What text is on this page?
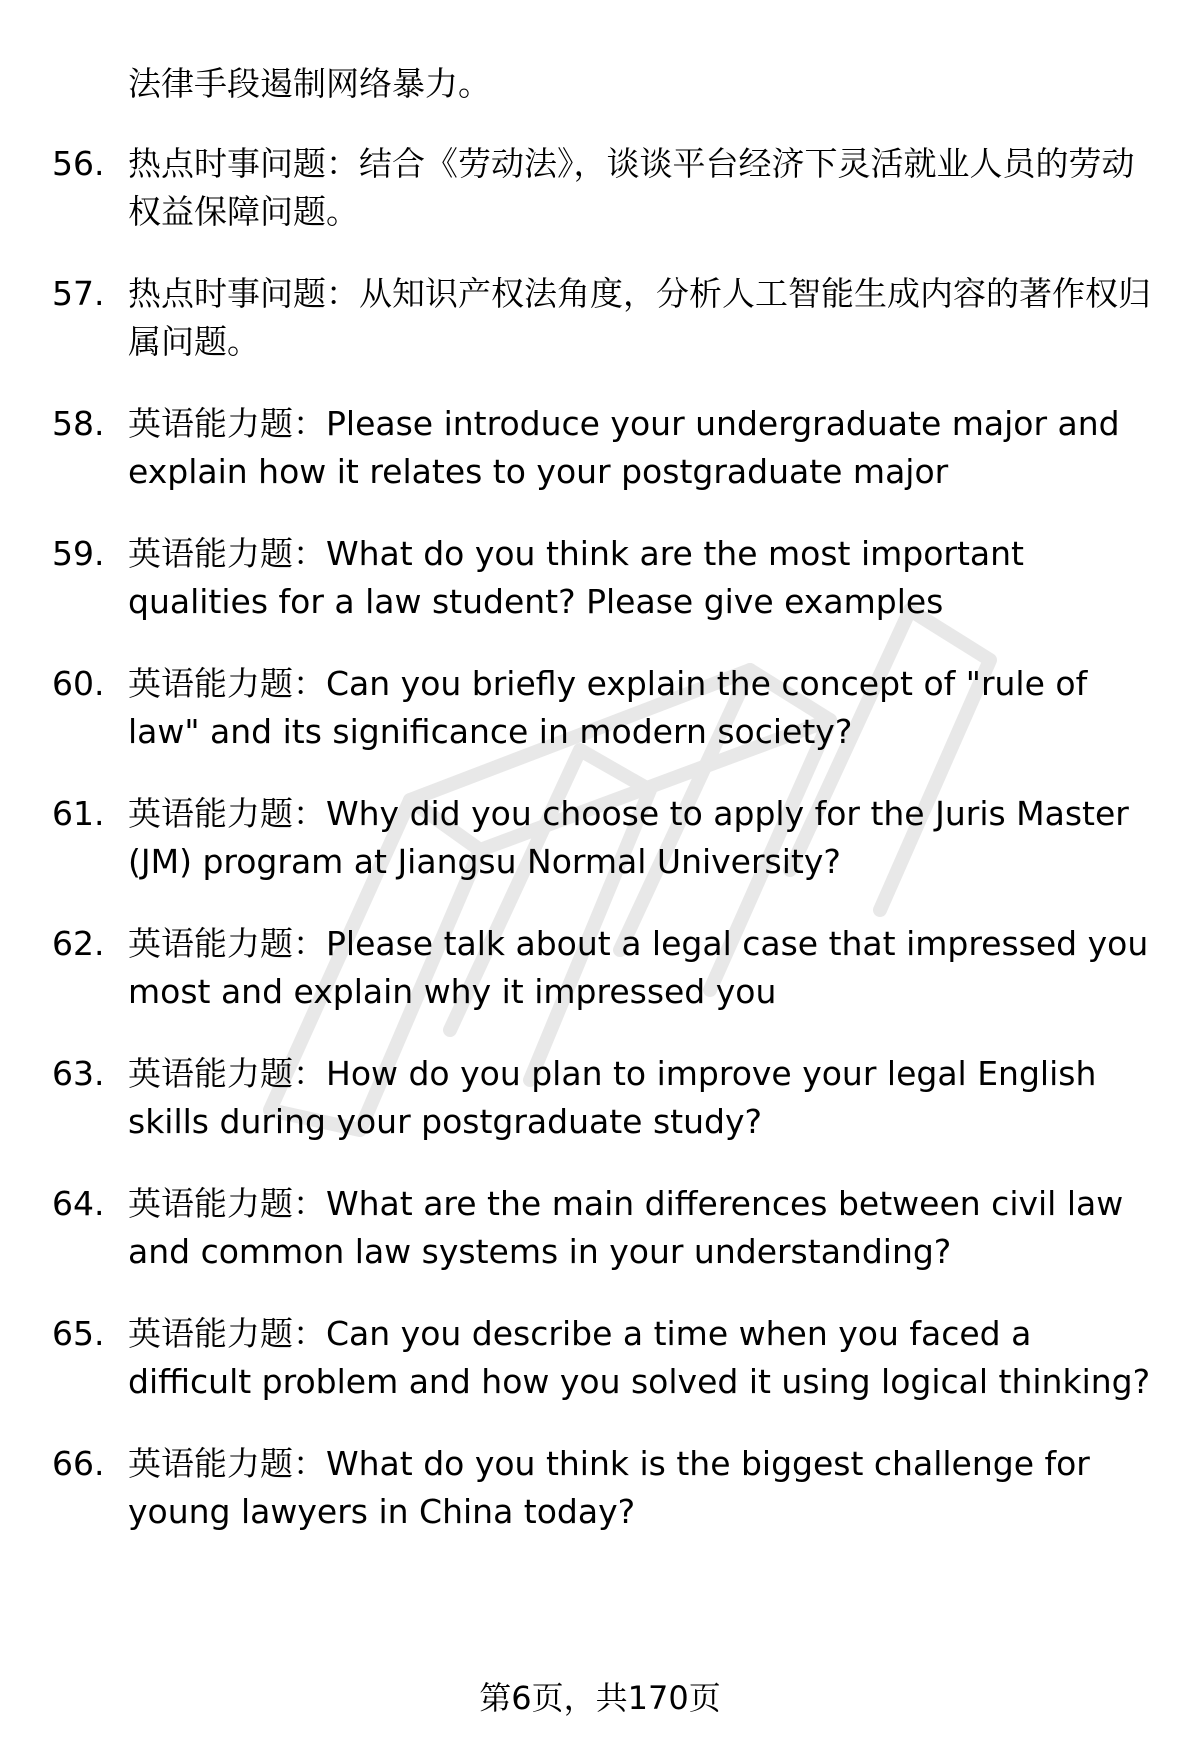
法律手段遏制网络暴力。
56. 热点时事问题：结合《劳动法》，谈谈平台经济下灵活就业人员的劳动权益保障问题。
57. 热点时事问题：从知识产权法角度，分析人工智能生成内容的著作权归属问题。
58. 英语能力题：Please introduce your undergraduate major and explain how it relates to your postgraduate major
59. 英语能力题：What do you think are the most important qualities for a law student? Please give examples
60. 英语能力题：Can you briefly explain the concept of "rule of law" and its significance in modern society?
61. 英语能力题：Why did you choose to apply for the Juris Master (JM) program at Jiangsu Normal University?
62. 英语能力题：Please talk about a legal case that impressed you most and explain why it impressed you
63. 英语能力题：How do you plan to improve your legal English skills during your postgraduate study?
64. 英语能力题：What are the main differences between civil law and common law systems in your understanding?
65. 英语能力题：Can you describe a time when you faced a difficult problem and how you solved it using logical thinking?
66. 英语能力题：What do you think is the biggest challenge for young lawyers in China today?
第6页，共170页
